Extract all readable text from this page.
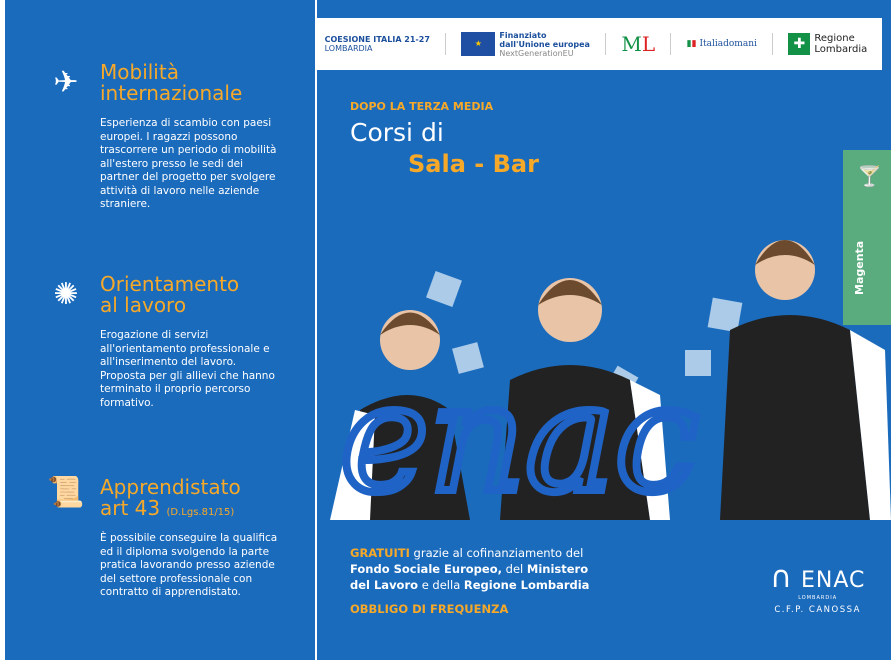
✈	Mobilità
internazionale

Esperienza di scambio con paesi europei. I ragazzi possono trascorrere un periodo di mobilità all'estero presso le sedi dei partner del progetto per svolgere attività di lavoro nelle aziende straniere.

✺	Orientamento
al lavoro

Erogazione di servizi all'orientamento professionale e all'inserimento del lavoro. Proposta per gli allievi che hanno terminato il proprio percorso formativo.

📜 Apprendistato
art 43 (D.Lgs.81/15)

È possibile conseguire la qualifica ed il diploma svolgendo la parte pratica lavorando presso aziende del settore professionale con contratto di apprendistato.

COESIONE ITALIA 21-27
LOMBARDIA
★
Finanziato
dall'Unione europea
NextGenerationEU	ML	▮▮ Italiadomani	✚ Regione Lombardia
DOPO LA TERZA MEDIA
Corsi di
Sala - Bar
enac
🍸
Magenta
GRATUITI grazie al cofinanziamento del Fondo Sociale Europeo, del Ministero del Lavoro e della Regione Lombardia
OBBLIGO DI FREQUENZA
∩ ENAC
LOMBARDIA
C.F.P. CANOSSA
